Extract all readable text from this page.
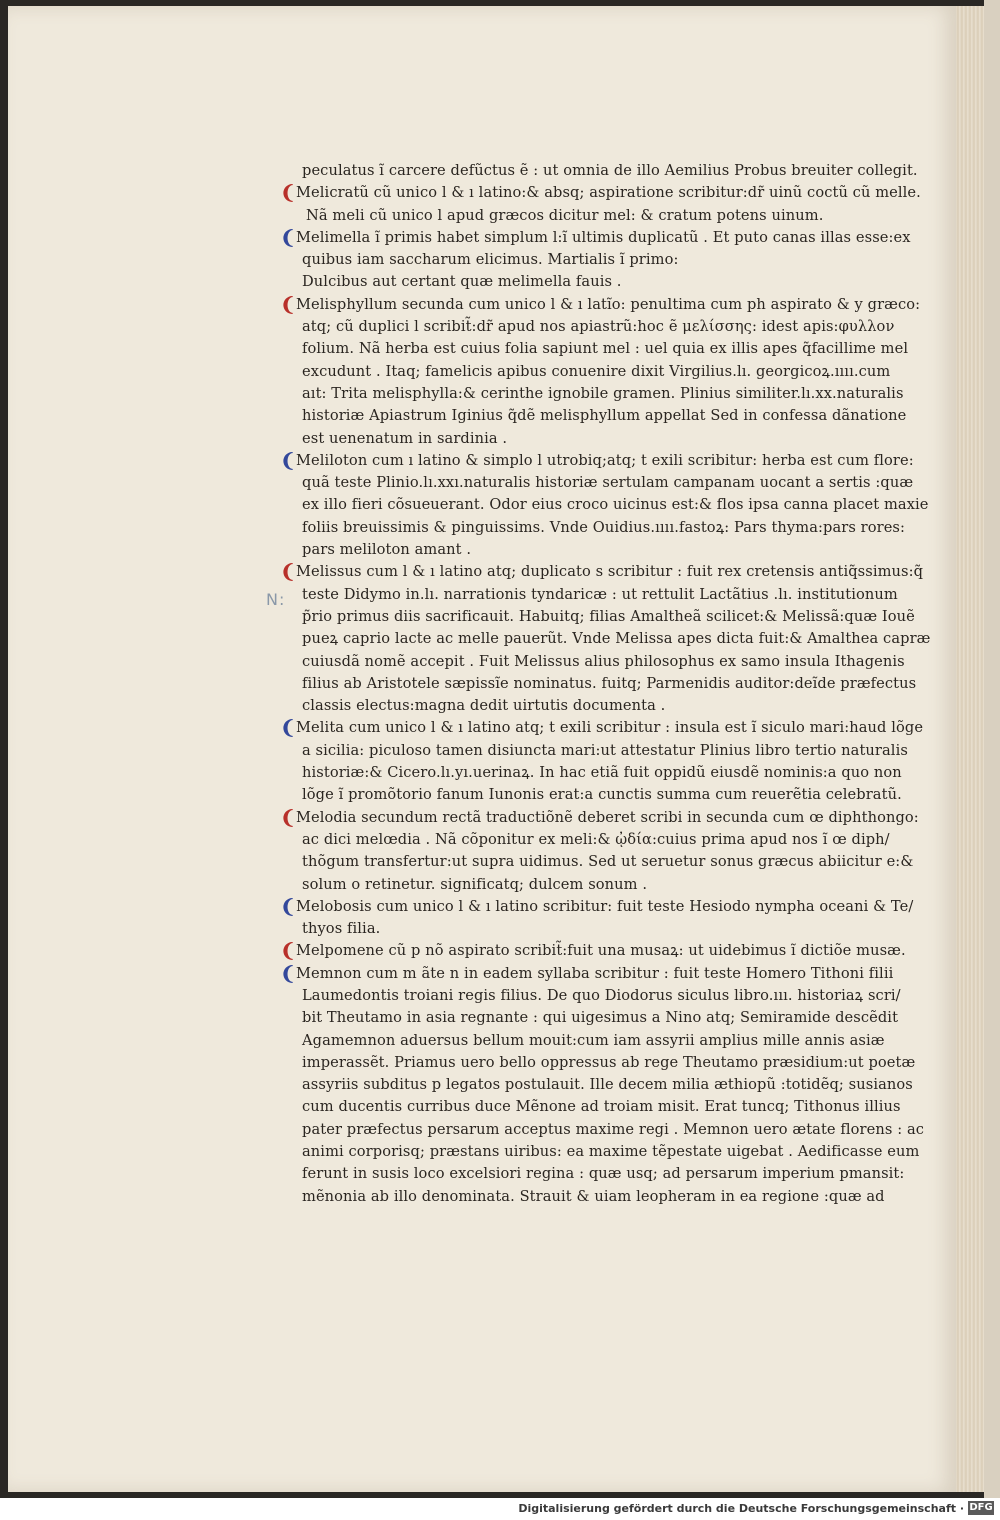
N:
peculatus ĩ carcere defũctus ẽ : ut omnia de illo Aemilius Probus breuiter collegit.
❨ Melicratũ cũ unico l & ı latino:& absq; aspiratione scribitur:dr̃ uinũ coctũ cũ melle.
Nã meli cũ unico l apud græcos dicitur mel: & cratum potens uinum.
❨ Melimella ĩ primis habet simplum l:ĩ ultimis duplicatũ . Et puto canas illas esse:ex
quibus iam saccharum elicimus. Martialis ĩ primo:
Dulcibus aut certant quæ melimella fauis .
❨ Melisphyllum secunda cum unico l & ı latĩo: penultima cum ph aspirato & y græco:
atq; cũ duplici l scribit̃:dr̃ apud nos apiastrũ:hoc ẽ μελίσσης: idest apis:φυλλον
folium. Nã herba est cuius folia sapiunt mel : uel quia ex illis apes q̃facillime mel
excudunt . Itaq; famelicis apibus conuenire dixit Virgilius.lı. georgicoꝝ.ıııı.cum
aıt: Trita melisphylla:& cerinthe ignobile gramen. Plinius similiter.lı.xx.naturalis
historiæ Apiastrum Iginius q̃dẽ melisphyllum appellat Sed in confessa dãnatione
est uenenatum in sardinia .
❨ Meliloton cum ı latino & simplo l utrobiq;atq; t exili scribitur: herba est cum flore:
quã teste Plinio.lı.xxı.naturalis historiæ sertulam campanam uocant a sertis :quæ
ex illo fieri cõsueuerant. Odor eius croco uicinus est:& flos ipsa canna placet maxie
foliis breuissimis & pinguissims. Vnde Ouidius.ıııı.fastoꝝ: Pars thyma:pars rores:
pars meliloton amant .
❨ Melissus cum l & ı latino atq; duplicato s scribitur : fuit rex cretensis antiq̃ssimus:q̃
teste Didymo in.lı. narrationis tyndaricæ : ut rettulit Lactãtius .lı. institutionum
p̃rio primus diis sacrificauit. Habuitq; filias Amaltheã scilicet:& Melissã:quæ Iouẽ
pueꝝ caprio lacte ac melle pauerũt. Vnde Melissa apes dicta fuit:& Amalthea capræ
cuiusdã nomẽ accepit . Fuit Melissus alius philosophus ex samo insula Ithagenis
filius ab Aristotele sæpissĩe nominatus. fuitq; Parmenidis auditor:deĩde præfectus
classis electus:magna dedit uirtutis documenta .
❨ Melita cum unico l & ı latino atq; t exili scribitur : insula est ĩ siculo mari:haud lõge
a sicilia: piculoso tamen disiuncta mari:ut attestatur Plinius libro tertio naturalis
historiæ:& Cicero.lı.yı.uerinaꝝ. In hac etiã fuit oppidũ eiusdẽ nominis:a quo non
lõge ĩ promõtorio fanum Iunonis erat:a cunctis summa cum reuerẽtia celebratũ.
❨ Melodia secundum rectã traductiõnẽ deberet scribi in secunda cum œ diphthongo:
ac dici melœdia . Nã cõponitur ex meli:& ᾠδία:cuius prima apud nos ĩ œ diph/
thõgum transfertur:ut supra uidimus. Sed ut seruetur sonus græcus abiicitur e:&
solum o retinetur. significatq; dulcem sonum .
❨ Melobosis cum unico l & ı latino scribitur: fuit teste Hesiodo nympha oceani & Te/
thyos filia.
❨ Melpomene cũ p nõ aspirato scribit̃:fuit una musaꝝ: ut uidebimus ĩ dictiõe musæ.
❨ Memnon cum m ãte n in eadem syllaba scribitur : fuit teste Homero Tithoni filii
Laumedontis troiani regis filius. De quo Diodorus siculus libro.ııı. historiaꝝ scri/
bit Theutamo in asia regnante : qui uigesimus a Nino atq; Semiramide descẽdit
Agamemnon aduersus bellum mouit:cum iam assyrii amplius mille annis asiæ
imperassẽt. Priamus uero bello oppressus ab rege Theutamo præsidium:ut poetæ
assyriis subditus p legatos postulauit. Ille decem milia æthiopũ :totidẽq; susianos
cum ducentis curribus duce Mẽnone ad troiam misit. Erat tuncq; Tithonus illius
pater præfectus persarum acceptus maxime regi . Memnon uero ætate florens : ac
animi corporisq; præstans uiribus: ea maxime tẽpestate uigebat . Aedificasse eum
ferunt in susis loco excelsiori regina : quæ usq; ad persarum imperium pmansit:
mẽnonia ab illo denominata. Strauit & uiam leopheram in ea regione :quæ ad
Digitalisierung gefördert durch die Deutsche Forschungsgemeinschaft · DFG
